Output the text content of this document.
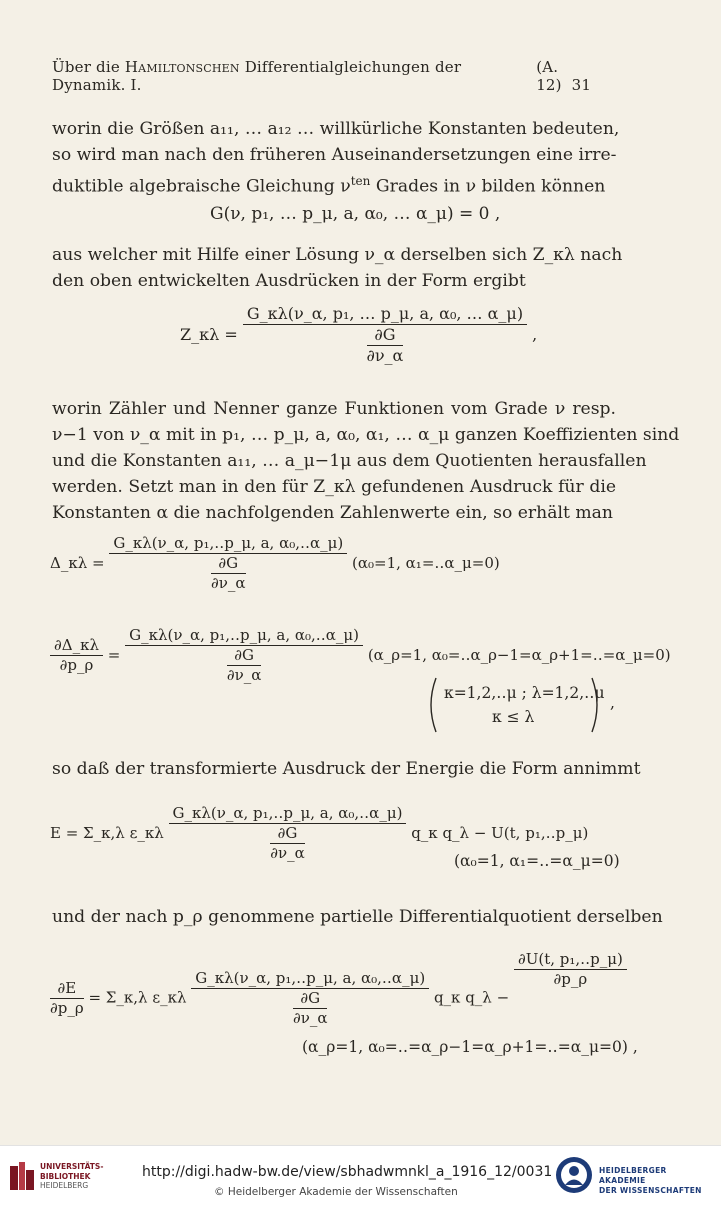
Über die Hamiltonschen Differentialgleichungen der Dynamik. I.
(A. 12) 31
worin die Größen a₁₁, … a₁₂ … willkürliche Konstanten bedeuten,
so wird man nach den früheren Auseinandersetzungen eine irre-
duktible algebraische Gleichung $\nu^{ten}$ Grades in ν bilden können
G(ν, p₁, … p_μ, a, α₀, … α_μ) = 0 ,
aus welcher mit Hilfe einer Lösung ν_α derselben sich Z_κλ nach
den oben entwickelten Ausdrücken in der Form ergibt
Z_κλ = $\frac{\text{G\_κλ(ν\_α, p₁, … p\_μ, a, α₀, … α\_μ)}}{\frac{\partial G}{\partial\nu\_\alpha}}$ ,
worin Zähler und Nenner ganze Funktionen vom Grade ν resp.
ν−1 von ν_α mit in p₁, … p_μ, a, α₀, α₁, … α_μ ganzen Koeffizienten sind
und die Konstanten a₁₁, … a_μ−1μ aus dem Quotienten herausfallen
werden. Setzt man in den für Z_κλ gefundenen Ausdruck für die
Konstanten α die nachfolgenden Zahlenwerte ein, so erhält man
Δ_κλ = $\frac{\text{G\_κλ(ν\_α, p₁,‥p\_μ, a, α₀,‥α\_μ)}}{\frac{\partial G}{\partial\nu\_\alpha}} (\alpha_0=1$, α₁=‥α_μ=0)
$\frac{\partial\Delta\_\kappa\lambda}{\partial p\_\rho} = \frac{\text{G\_κλ(ν\_α, p₁,‥p\_μ, a, α₀,‥α\_μ)}}{\frac{\partial G}{\partial\nu\_\alpha}}$ (α_ρ=1, α₀=‥α_ρ−1=α_ρ+1=‥=α_μ=0)
κ=1,2,‥μ ; λ=1,2,‥μ
κ ≤ λ
,
so daß der transformierte Ausdruck der Energie die Form annimmt
E = Σ_κ,λ ε_κλ $\frac{\text{G\_κλ(ν\_α, p₁,‥p\_μ, a, α₀,‥α\_μ)}}{\frac{\partial G}{\partial\nu\_\alpha}}$ q_κ q_λ − U(t, p₁,‥p_μ)
(α₀=1, α₁=‥=α_μ=0)
und der nach p_ρ genommene partielle Differentialquotient derselben
$\frac{\partial E}{\partial p\_\rho}$ = Σ_κ,λ ε_κλ $\frac{\text{G\_κλ(ν\_α, p₁,‥p\_μ, a, α₀,‥α\_μ)}}{\frac{\partial G}{\partial\nu\_\alpha}}$ q_κ q_λ −
$\frac{\text{∂U(t, p₁,‥p\_μ)}}{\partial p\_\rho}$
(α_ρ=1, α₀=‥=α_ρ−1=α_ρ+1=‥=α_μ=0) ,
UNIVERSITÄTS-
BIBLIOTHEK
HEIDELBERG
http://digi.hadw-bw.de/view/sbhadwmnkl_a_1916_12/0031
© Heidelberger Akademie der Wissenschaften
HEIDELBERGER AKADEMIE
DER WISSENSCHAFTEN
